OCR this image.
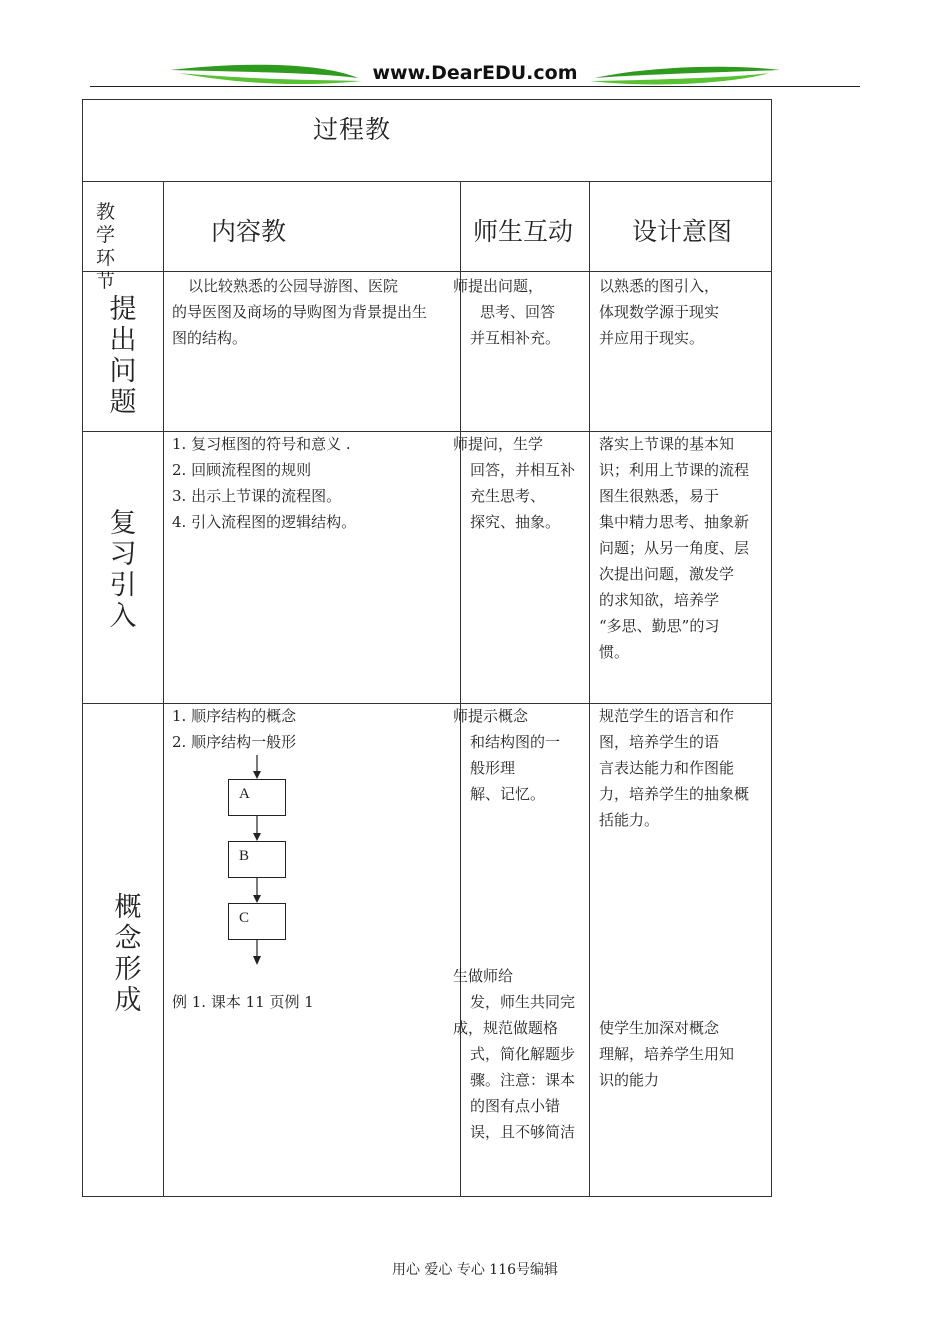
www.DearEDU.com
过程教
教 学 环 节
内容教	师生互动 设计意图
提出问题

以比较熟悉的公园导游图、医院

的导医图及商场的导购图为背景提出生

图的结构。

师提出问题，

思考、回答

并互相补充。

以熟悉的图引入，

体现数学源于现实

并应用于现实。

复习引入

1. 复习框图的符号和意义 .

2. 回顾流程图的规则

3. 出示上节课的流程图。

4. 引入流程图的逻辑结构。

师提问，生学

回答，并相互补

充生思考、

探究、抽象。

落实上节课的基本知

识；利用上节课的流程

图生很熟悉，易于

集中精力思考、抽象新

问题；从另一角度、层

次提出问题，激发学

的求知欲，培养学

“多思、勤思”的习

惯。

概念形成

1. 顺序结构的概念

2. 顺序结构一般形

A
B
C
例 1. 课本 11 页例 1

师提示概念

和结构图的一

般形理

解、记忆。

生做师给

发，师生共同完

成，规范做题格

式，简化解题步

骤。注意：课本

的图有点小错

误，且不够简洁

规范学生的语言和作

图，培养学生的语

言表达能力和作图能

力，培养学生的抽象概

括能力。

使学生加深对概念

理解，培养学生用知

识的能力

用心 爱心 专心 116号编辑
